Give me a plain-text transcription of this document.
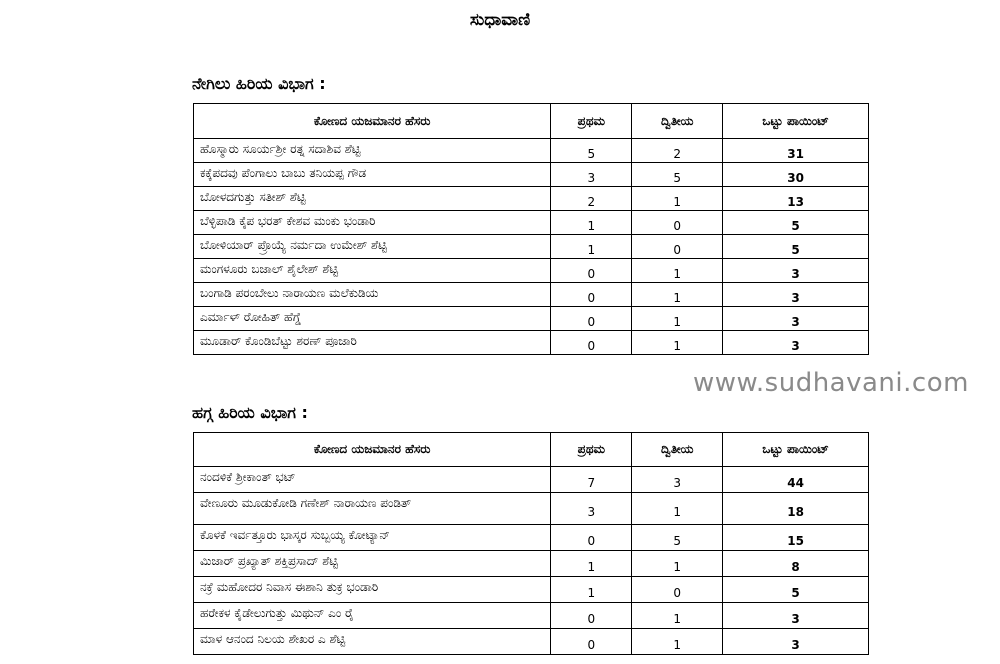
ಸುಧಾವಾಣಿ
ನೇಗಿಲು ಹಿರಿಯ ವಿಭಾಗ :
ಕೋಣದ ಯಜಮಾನರ ಹೆಸರು	ಪ್ರಥಮ	ದ್ವಿತೀಯ	ಒಟ್ಟು ಪಾಯಿಂಟ್
ಹೊಸ್ಮಾರು ಸೂರ್ಯಶ್ರೀ ರತ್ನ ಸದಾಶಿವ ಶೆಟ್ಟಿ	5	2	31
ಕಕ್ಕೆಪದವು ಪೆಂಗಾಲು ಬಾಬು ತನಿಯಪ್ಪ ಗೌಡ	3	5	30
ಬೋಳದಗುತ್ತು ಸತೀಶ್ ಶೆಟ್ಟಿ	2	1	13
ಬೆಳ್ಳಿಪಾಡಿ ಕೈಪ ಭರತ್ ಕೇಶವ ಮಂಕು ಭಂಡಾರಿ	1	0	5
ಬೋಳಿಯಾರ್ ಪ್ರೊಯ್ಯೆ ನರ್ಮದಾ ಉಮೇಶ್ ಶೆಟ್ಟಿ	1	0	5
ಮಂಗಳೂರು ಬಜಾಲ್ ಶೈಲೇಶ್ ಶೆಟ್ಟಿ	0	1	3
ಬಂಗಾಡಿ ಪರಂಬೇಲು ನಾರಾಯಣ ಮಲೆಕುಡಿಯ	0	1	3
ಎರ್ಮಾಳ್ ರೋಹಿತ್ ಹೆಗ್ಡೆ	0	1	3
ಮೂಡಾರ್ ಕೊಂಡಿಬೆಟ್ಟು ಶರಣ್ ಪೂಜಾರಿ	0	1	3
www.sudhavani.com
ಹಗ್ಗ ಹಿರಿಯ ವಿಭಾಗ :
ಕೋಣದ ಯಜಮಾನರ ಹೆಸರು	ಪ್ರಥಮ	ದ್ವಿತೀಯ	ಒಟ್ಟು ಪಾಯಿಂಟ್
ನಂದಳಿಕೆ ಶ್ರೀಕಾಂತ್ ಭಟ್	7	3	44
ವೇಣೂರು ಮೂಡುಕೋಡಿ ಗಣೇಶ್ ನಾರಾಯಣ ಪಂಡಿತ್	3	1	18
ಕೊಳಕೆ ಇರ್ವತ್ತೂರು ಭಾಸ್ಕರ ಸುಬ್ಬಯ್ಯ ಕೋಟ್ಯಾನ್	0	5	15
ಮಿಜಾರ್ ಪ್ರಖ್ಯಾತ್ ಶಕ್ತಿಪ್ರಸಾದ್ ಶೆಟ್ಟಿ	1	1	8
ನಕ್ರೆ ಮಹೋದರ ನಿವಾಸ ಈಶಾನಿ ತುಕ್ರ ಭಂಡಾರಿ	1	0	5
ಹರೇಕಳ ಕೈಡೇಲುಗುತ್ತು ಮಿಥುನ್ ಎಂ ರೈ	0	1	3
ಮಾಳ ಆನಂದ ನಿಲಯ ಶೇಖರ ಎ ಶೆಟ್ಟಿ	0	1	3
